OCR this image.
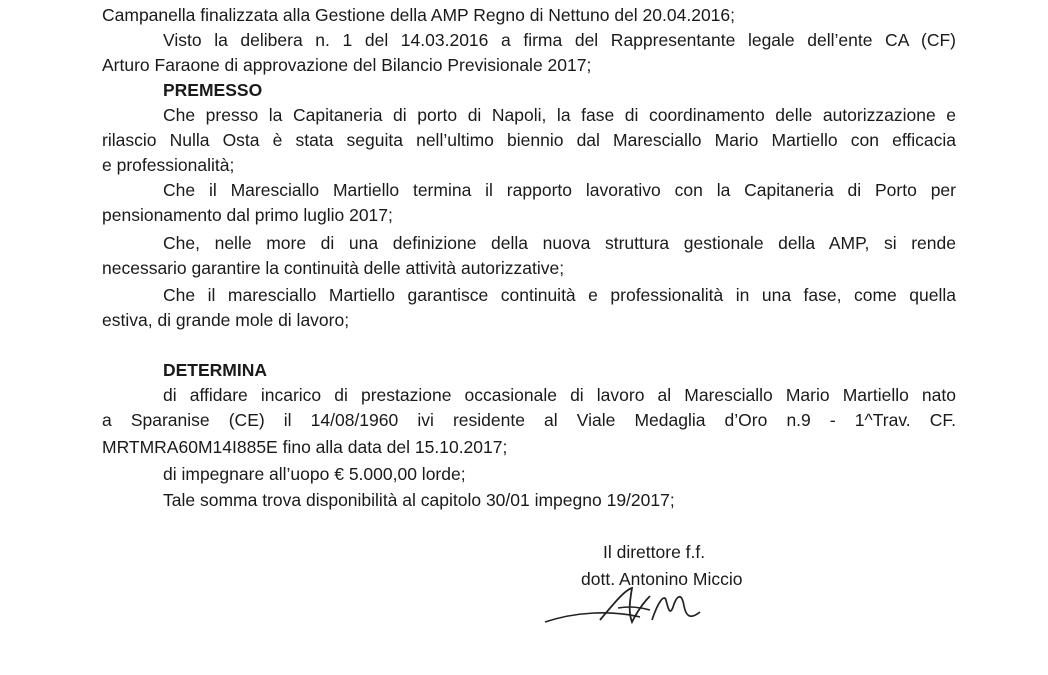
Campanella finalizzata alla Gestione della AMP Regno di Nettuno del 20.04.2016;
Visto la delibera n. 1 del 14.03.2016 a firma del Rappresentante legale dell’ente CA (CF)
Arturo Faraone di approvazione del Bilancio Previsionale 2017;
PREMESSO
Che presso la Capitaneria di porto di Napoli, la fase di coordinamento delle autorizzazione e
rilascio Nulla Osta è stata seguita nell’ultimo biennio dal Maresciallo Mario Martiello con efficacia
e professionalità;
Che il Maresciallo Martiello termina il rapporto lavorativo con la Capitaneria di Porto per
pensionamento dal primo luglio 2017;
Che, nelle more di una definizione della nuova struttura gestionale della AMP, si rende
necessario garantire la continuità delle attività autorizzative;
Che il maresciallo Martiello garantisce continuità e professionalità in una fase, come quella
estiva, di grande mole di lavoro;
DETERMINA
di affidare incarico di prestazione occasionale di lavoro al Maresciallo Mario Martiello nato
a Sparanise (CE) il 14/08/1960 ivi residente al Viale Medaglia d’Oro n.9 - 1^Trav. CF.
MRTMRA60M14I885E fino alla data del 15.10.2017;
di impegnare all’uopo € 5.000,00 lorde;
Tale somma trova disponibilità al capitolo 30/01 impegno 19/2017;
Il direttore f.f.
dott. Antonino Miccio
